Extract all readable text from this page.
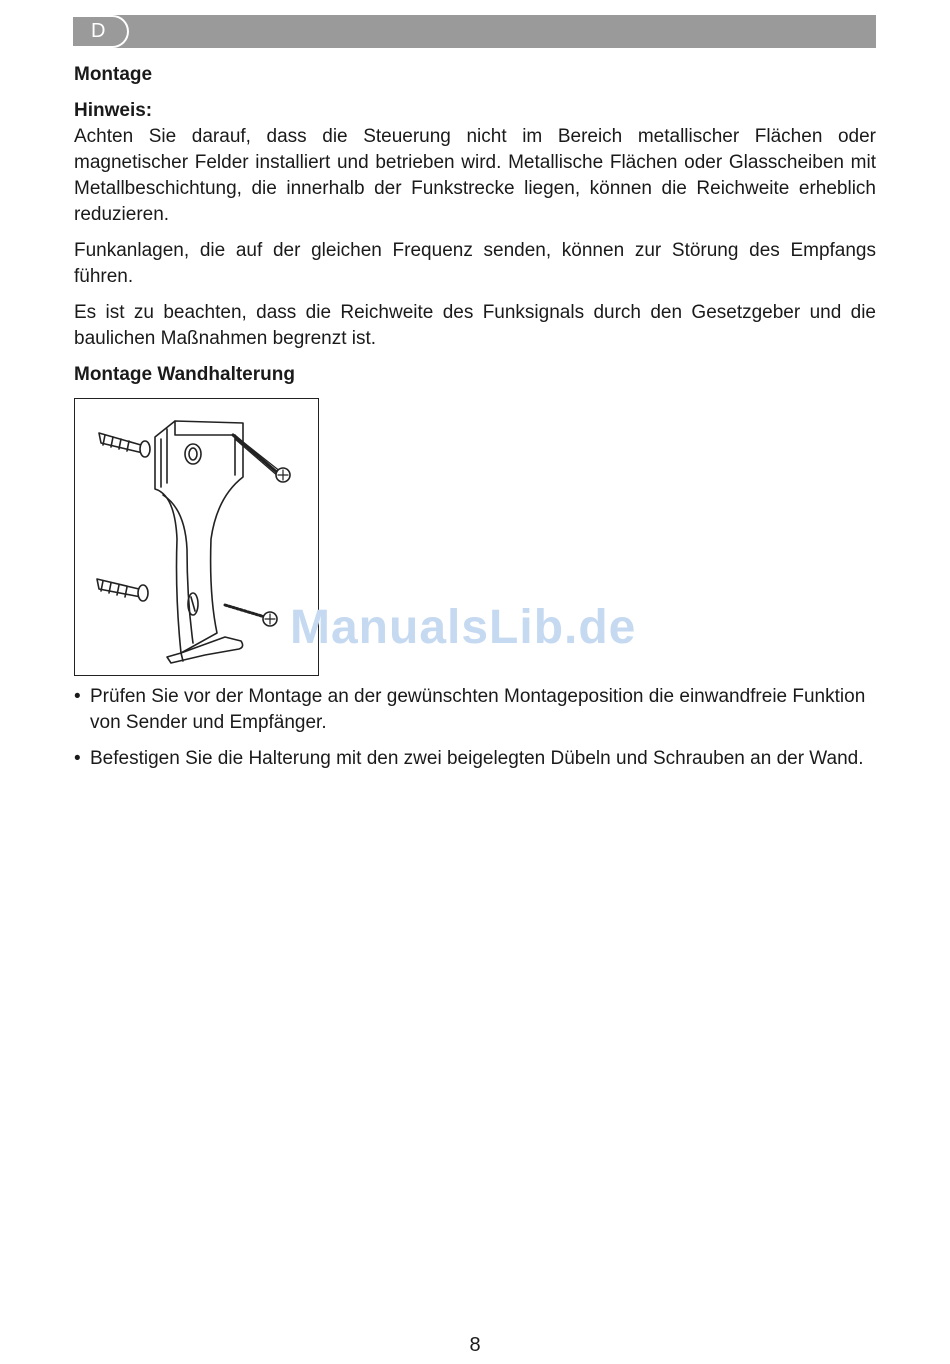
D
Montage
Hinweis:

Achten Sie darauf, dass die Steuerung nicht im Bereich metallischer Flächen oder magnetischer Felder installiert und betrieben wird. Metallische Flächen oder Glasscheiben mit Metallbeschichtung, die innerhalb der Funkstrecke liegen, können die Reichweite erheblich reduzieren.

Funkanlagen, die auf der gleichen Frequenz senden, können zur Störung des Empfangs führen.

Es ist zu beachten, dass die Reichweite des Funksignals durch den Gesetzgeber und die baulichen Maßnahmen begrenzt ist.

Montage Wandhalterung
• Prüfen Sie vor der Montage an der gewünschten Montageposition die einwandfreie Funktion von Sender und Empfänger.
• Befestigen Sie die Halterung mit den zwei beigelegten Dübeln und Schrauben an der Wand.
ManualsLib.de
8
